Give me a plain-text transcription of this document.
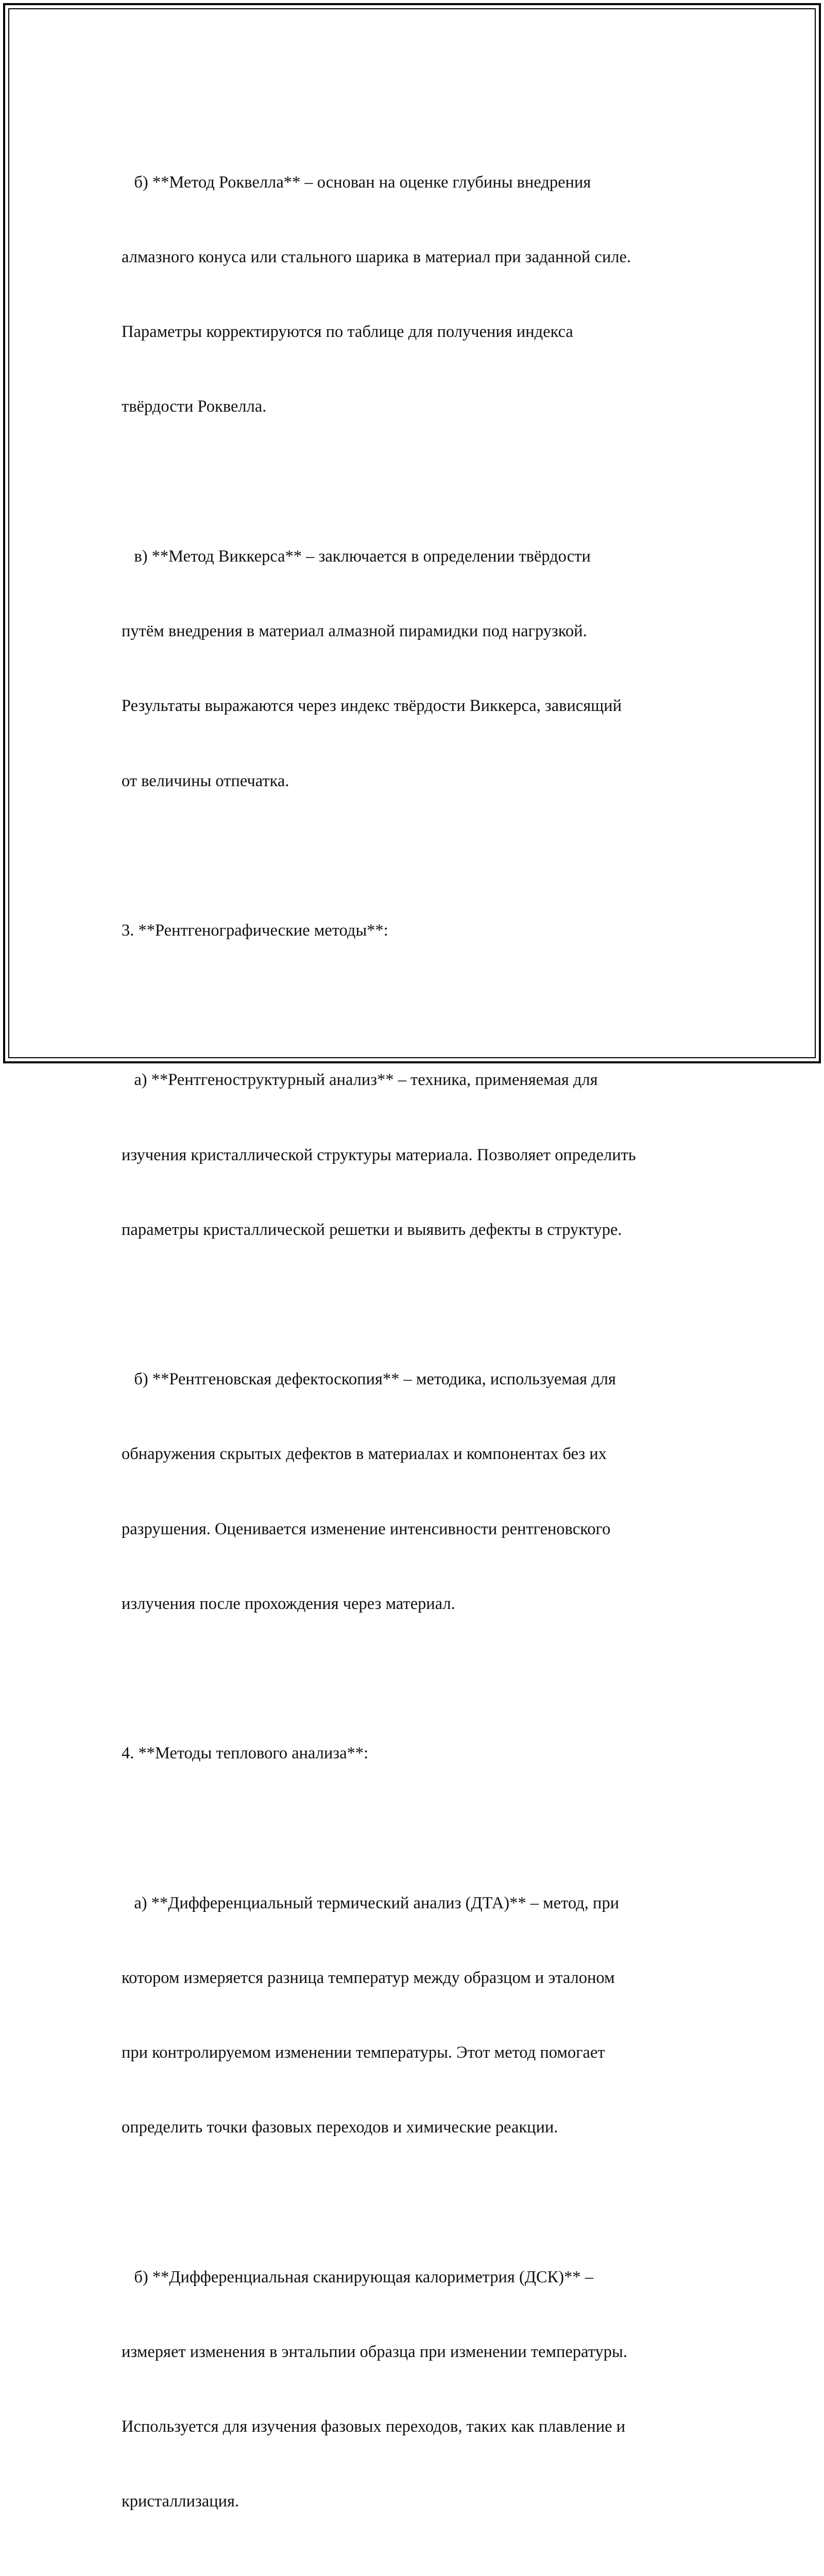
б) **Метод Роквелла** – основан на оценке глубины внедрения

алмазного конуса или стального шарика в материал при заданной силе.

Параметры корректируются по таблице для получения индекса

твёрдости Роквелла.

в) **Метод Виккерса** – заключается в определении твёрдости

путём внедрения в материал алмазной пирамидки под нагрузкой.

Результаты выражаются через индекс твёрдости Виккерса, зависящий

от величины отпечатка.

3. **Рентгенографические методы**:

а) **Рентгеноструктурный анализ** – техника, применяемая для

изучения кристаллической структуры материала. Позволяет определить

параметры кристаллической решетки и выявить дефекты в структуре.

б) **Рентгеновская дефектоскопия** – методика, используемая для

обнаружения скрытых дефектов в материалах и компонентах без их

разрушения. Оценивается изменение интенсивности рентгеновского

излучения после прохождения через материал.

4. **Методы теплового анализа**:

а) **Дифференциальный термический анализ (ДТА)** – метод, при

котором измеряется разница температур между образцом и эталоном

при контролируемом изменении температуры. Этот метод помогает

определить точки фазовых переходов и химические реакции.

б) **Дифференциальная сканирующая калориметрия (ДСК)** –

измеряет изменения в энтальпии образца при изменении температуры.

Используется для изучения фазовых переходов, таких как плавление и

кристаллизация.
